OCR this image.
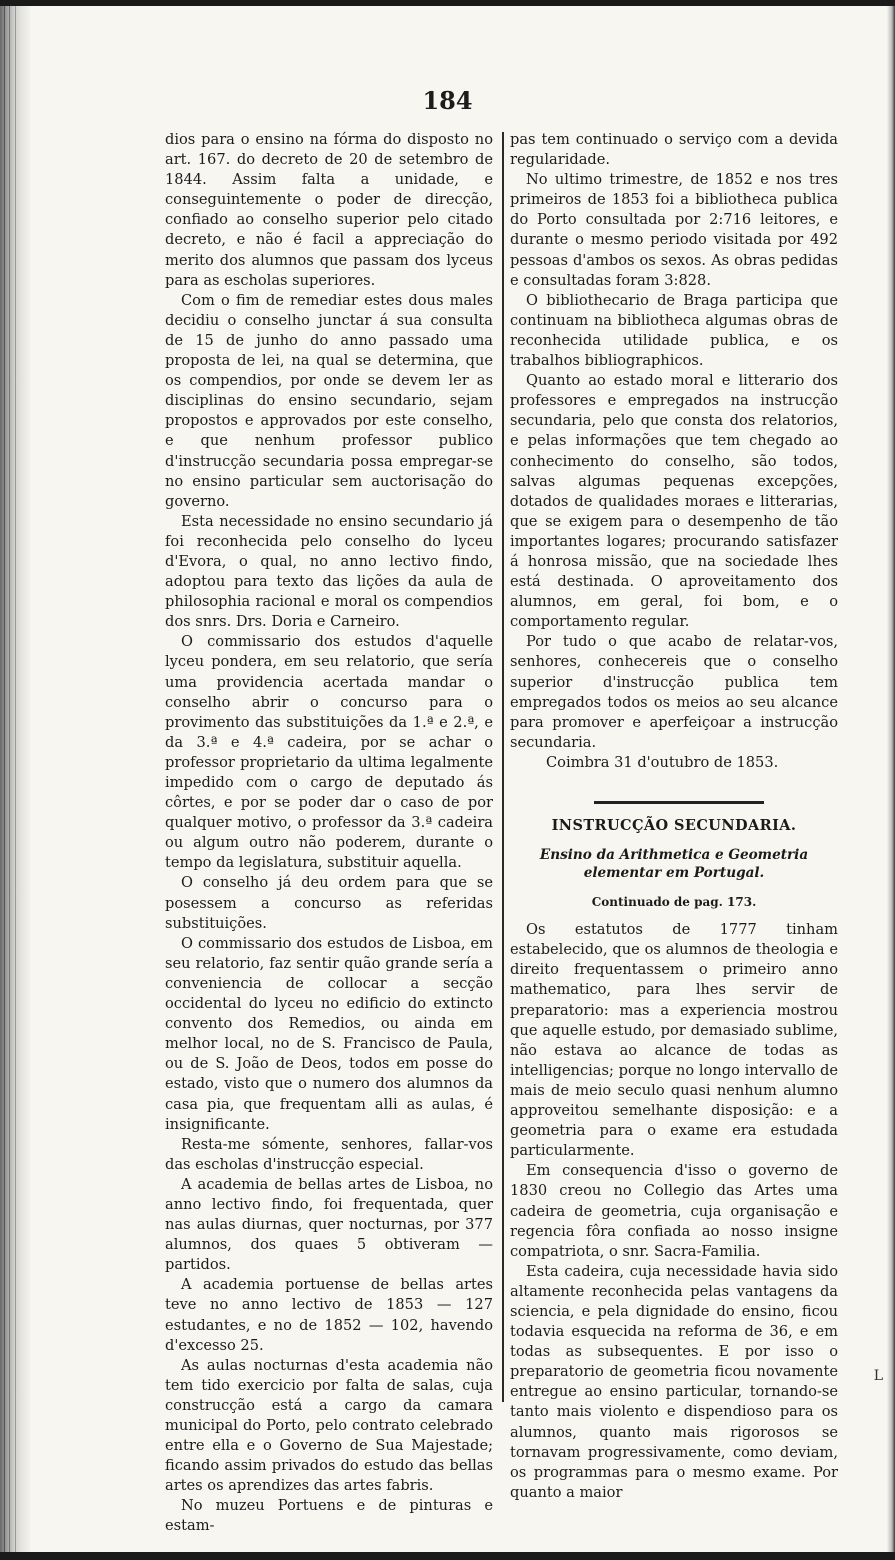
184

dios para o ensino na fórma do disposto no art. 167. do decreto de 20 de setembro de 1844. Assim falta a unidade, e conseguintemente o poder de direcção, confiado ao conselho superior pelo citado decreto, e não é facil a appreciação do merito dos alumnos que passam dos lyceus para as escholas superiores.

Com o fim de remediar estes dous males decidiu o conselho junctar á sua consulta de 15 de junho do anno passado uma proposta de lei, na qual se determina, que os compendios, por onde se devem ler as disciplinas do ensino secundario, sejam propostos e approvados por este conselho, e que nenhum professor publico d'instrucção secundaria possa empregar-se no ensino particular sem auctorisação do governo.

Esta necessidade no ensino secundario já foi reconhecida pelo conselho do lyceu d'Evora, o qual, no anno lectivo findo, adoptou para texto das lições da aula de philosophia racional e moral os compendios dos snrs. Drs. Doria e Carneiro.

O commissario dos estudos d'aquelle lyceu pondera, em seu relatorio, que sería uma providencia acertada mandar o conselho abrir o concurso para o provimento das substituições da 1.ª e 2.ª, e da 3.ª e 4.ª cadeira, por se achar o professor proprietario da ultima legalmente impedido com o cargo de deputado ás côrtes, e por se poder dar o caso de por qualquer motivo, o professor da 3.ª cadeira ou algum outro não poderem, durante o tempo da legislatura, substituir aquella.

O conselho já deu ordem para que se posessem a concurso as referidas substituições.

O commissario dos estudos de Lisboa, em seu relatorio, faz sentir quão grande sería a conveniencia de collocar a secção occidental do lyceu no edificio do extincto convento dos Remedios, ou ainda em melhor local, no de S. Francisco de Paula, ou de S. João de Deos, todos em posse do estado, visto que o numero dos alumnos da casa pia, que frequentam alli as aulas, é insignificante.

Resta-me sómente, senhores, fallar-vos das escholas d'instrucção especial.

A academia de bellas artes de Lisboa, no anno lectivo findo, foi frequentada, quer nas aulas diurnas, quer nocturnas, por 377 alumnos, dos quaes 5 obtiveram — partidos.

A academia portuense de bellas artes teve no anno lectivo de 1853 — 127 estudantes, e no de 1852 — 102, havendo d'excesso 25.

As aulas nocturnas d'esta academia não tem tido exercicio por falta de salas, cuja construcção está a cargo da camara municipal do Porto, pelo contrato celebrado entre ella e o Governo de Sua Majestade; ficando assim privados do estudo das bellas artes os aprendizes das artes fabris.

No muzeu Portuens e de pinturas e estam-

pas tem continuado o serviço com a devida regularidade.

No ultimo trimestre, de 1852 e nos tres primeiros de 1853 foi a bibliotheca publica do Porto consultada por 2:716 leitores, e durante o mesmo periodo visitada por 492 pessoas d'ambos os sexos. As obras pedidas e consultadas foram 3:828.

O bibliothecario de Braga participa que continuam na bibliotheca algumas obras de reconhecida utilidade publica, e os trabalhos bibliographicos.

Quanto ao estado moral e litterario dos professores e empregados na instrucção secundaria, pelo que consta dos relatorios, e pelas informações que tem chegado ao conhecimento do conselho, são todos, salvas algumas pequenas excepções, dotados de qualidades moraes e litterarias, que se exigem para o desempenho de tão importantes logares; procurando satisfazer á honrosa missão, que na sociedade lhes está destinada. O aproveitamento dos alumnos, em geral, foi bom, e o comportamento regular.

Por tudo o que acabo de relatar-vos, senhores, conhecereis que o conselho superior d'instrucção publica tem empregados todos os meios ao seu alcance para promover e aperfeiçoar a instrucção secundaria.

Coimbra 31 d'outubro de 1853.

INSTRUCÇÃO SECUNDARIA.
Ensino da Arithmetica e Geometria elementar em Portugal.
Continuado de pag. 173.

Os estatutos de 1777 tinham estabelecido, que os alumnos de theologia e direito frequentassem o primeiro anno mathematico, para lhes servir de preparatorio: mas a experiencia mostrou que aquelle estudo, por demasiado sublime, não estava ao alcance de todas as intelligencias; porque no longo intervallo de mais de meio seculo quasi nenhum alumno approveitou semelhante disposição: e a geometria para o exame era estudada particularmente.

Em consequencia d'isso o governo de 1830 creou no Collegio das Artes uma cadeira de geometria, cuja organisação e regencia fôra confiada ao nosso insigne compatriota, o snr. Sacra-Familia.

Esta cadeira, cuja necessidade havia sido altamente reconhecida pelas vantagens da sciencia, e pela dignidade do ensino, ficou todavia esquecida na reforma de 36, e em todas as subsequentes. E por isso o preparatorio de geometria ficou novamente entregue ao ensino particular, tornando-se tanto mais violento e dispendioso para os alumnos, quanto mais rigorosos se tornavam progressivamente, como deviam, os programmas para o mesmo exame. Por quanto a maior

L
